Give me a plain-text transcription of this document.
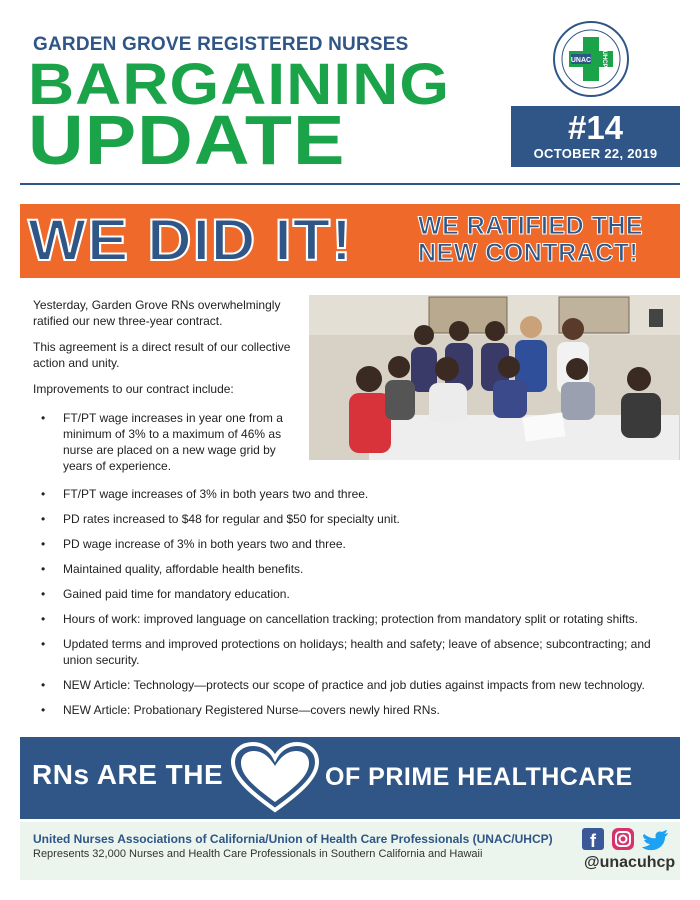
GARDEN GROVE REGISTERED NURSES
BARGAINING
UPDATE
UNAC UHCP
#14
OCTOBER 22, 2019
WE DID IT!	WE RATIFIED THE
NEW CONTRACT!

Yesterday, Garden Grove RNs overwhelmingly ratified our new three-year contract.

This agreement is a direct result of our collective action and unity.

Improvements to our contract include:

• FT/PT wage increases in year one from a minimum of 3% to a maximum of 46% as nurse are placed on a new wage grid by years of experience.
• FT/PT wage increases of 3% in both years two and three.
• PD rates increased to $48 for regular and $50 for specialty unit.
• PD wage increase of 3% in both years two and three.
• Maintained quality, affordable health benefits.
• Gained paid time for mandatory education.
• Hours of work: improved language on cancellation tracking; protection from mandatory split or rotating shifts.
• Updated terms and improved protections on holidays; health and safety; leave of absence; subcontracting; and union security.
• NEW Article: Technology—protects our scope of practice and job duties against impacts from new technology.
• NEW Article: Probationary Registered Nurse—covers newly hired RNs.
RNs ARE THE	OF PRIME HEALTHCARE
United Nurses Associations of California/Union of Health Care Professionals (UNAC/UHCP)
Represents 32,000 Nurses and Health Care Professionals in Southern California and Hawaii
f
@unacuhcp
